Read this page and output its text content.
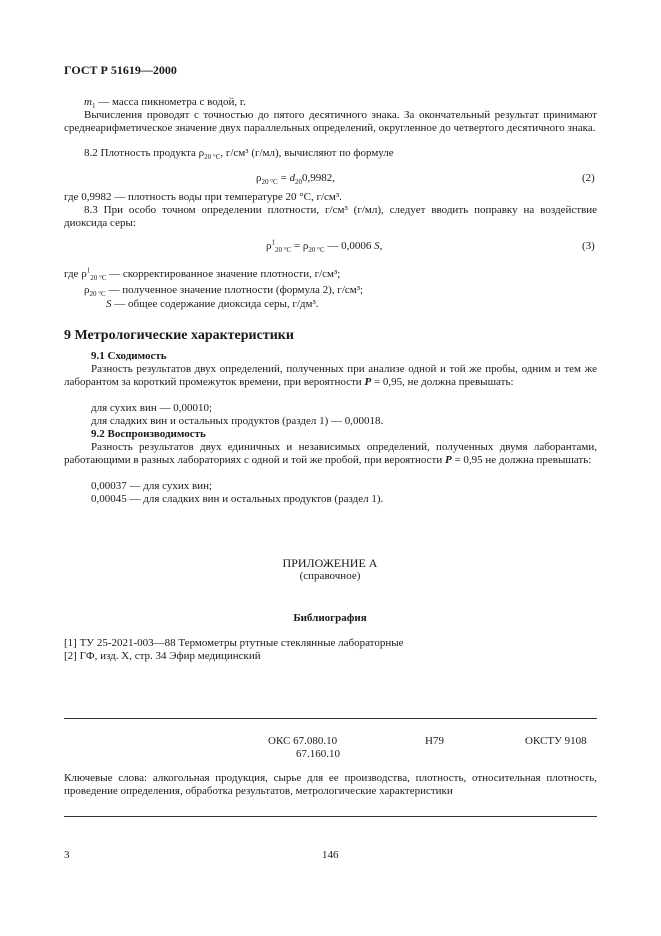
ГОСТ Р 51619—2000
$m_1$ — масса пикнометра с водой, г.
Вычисления проводят с точностью до пятого десятичного знака. За окончательный результат принимают среднеарифметическое значение двух параллельных определений, округленное до четвертого десятичного знака.
8.2 Плотность продукта $\rho_{20 ^\circ C}$, г/см³ (г/мл), вычисляют по формуле
$\rho_{20 ^\circ C} = d_{20}0,9982$,	(2)
где 0,9982 — плотность воды при температуре 20 °С, г/см³.
8.3 При особо точном определении плотности, г/см³ (г/мл), следует вводить поправку на воздействие диоксида серы:
$\rho^1_{20 ^\circ C} = \rho_{20 ^\circ C}$ — 0,0006 S,	(3)
где $\rho^1_{20 ^\circ C}$ — скорректированное значение плотности, г/см³;
$\rho_{20 ^\circ C}$ — полученное значение плотности (формула 2), г/см³;
S — общее содержание диоксида серы, г/дм³.
9 Метрологические характеристики
9.1 Сходимость
Разность результатов двух определений, полученных при анализе одной и той же пробы, одним и тем же лаборантом за короткий промежуток времени, при вероятности P = 0,95, не должна превышать:
для сухих вин — 0,00010;
для сладких вин и остальных продуктов (раздел 1) — 0,00018.
9.2 Воспроизводимость
Разность результатов двух единичных и независимых определений, полученных двумя лаборантами, работающими в разных лабораториях с одной и той же пробой, при вероятности P = 0,95 не должна превышать:
0,00037 — для сухих вин;
0,00045 — для сладких вин и остальных продуктов (раздел 1).
ПРИЛОЖЕНИЕ А
(справочное)
Библиография
[1] ТУ 25-2021-003—88 Термометры ртутные стеклянные лабораторные
[2] ГФ, изд. X, стр. 34 Эфир медицинский
ОКС 67.080.10
67.160.10
Н79	ОКСТУ 9108
Ключевые слова: алкогольная продукция, сырье для ее производства, плотность, относительная плотность, проведение определения, обработка результатов, метрологические характеристики
3	146
